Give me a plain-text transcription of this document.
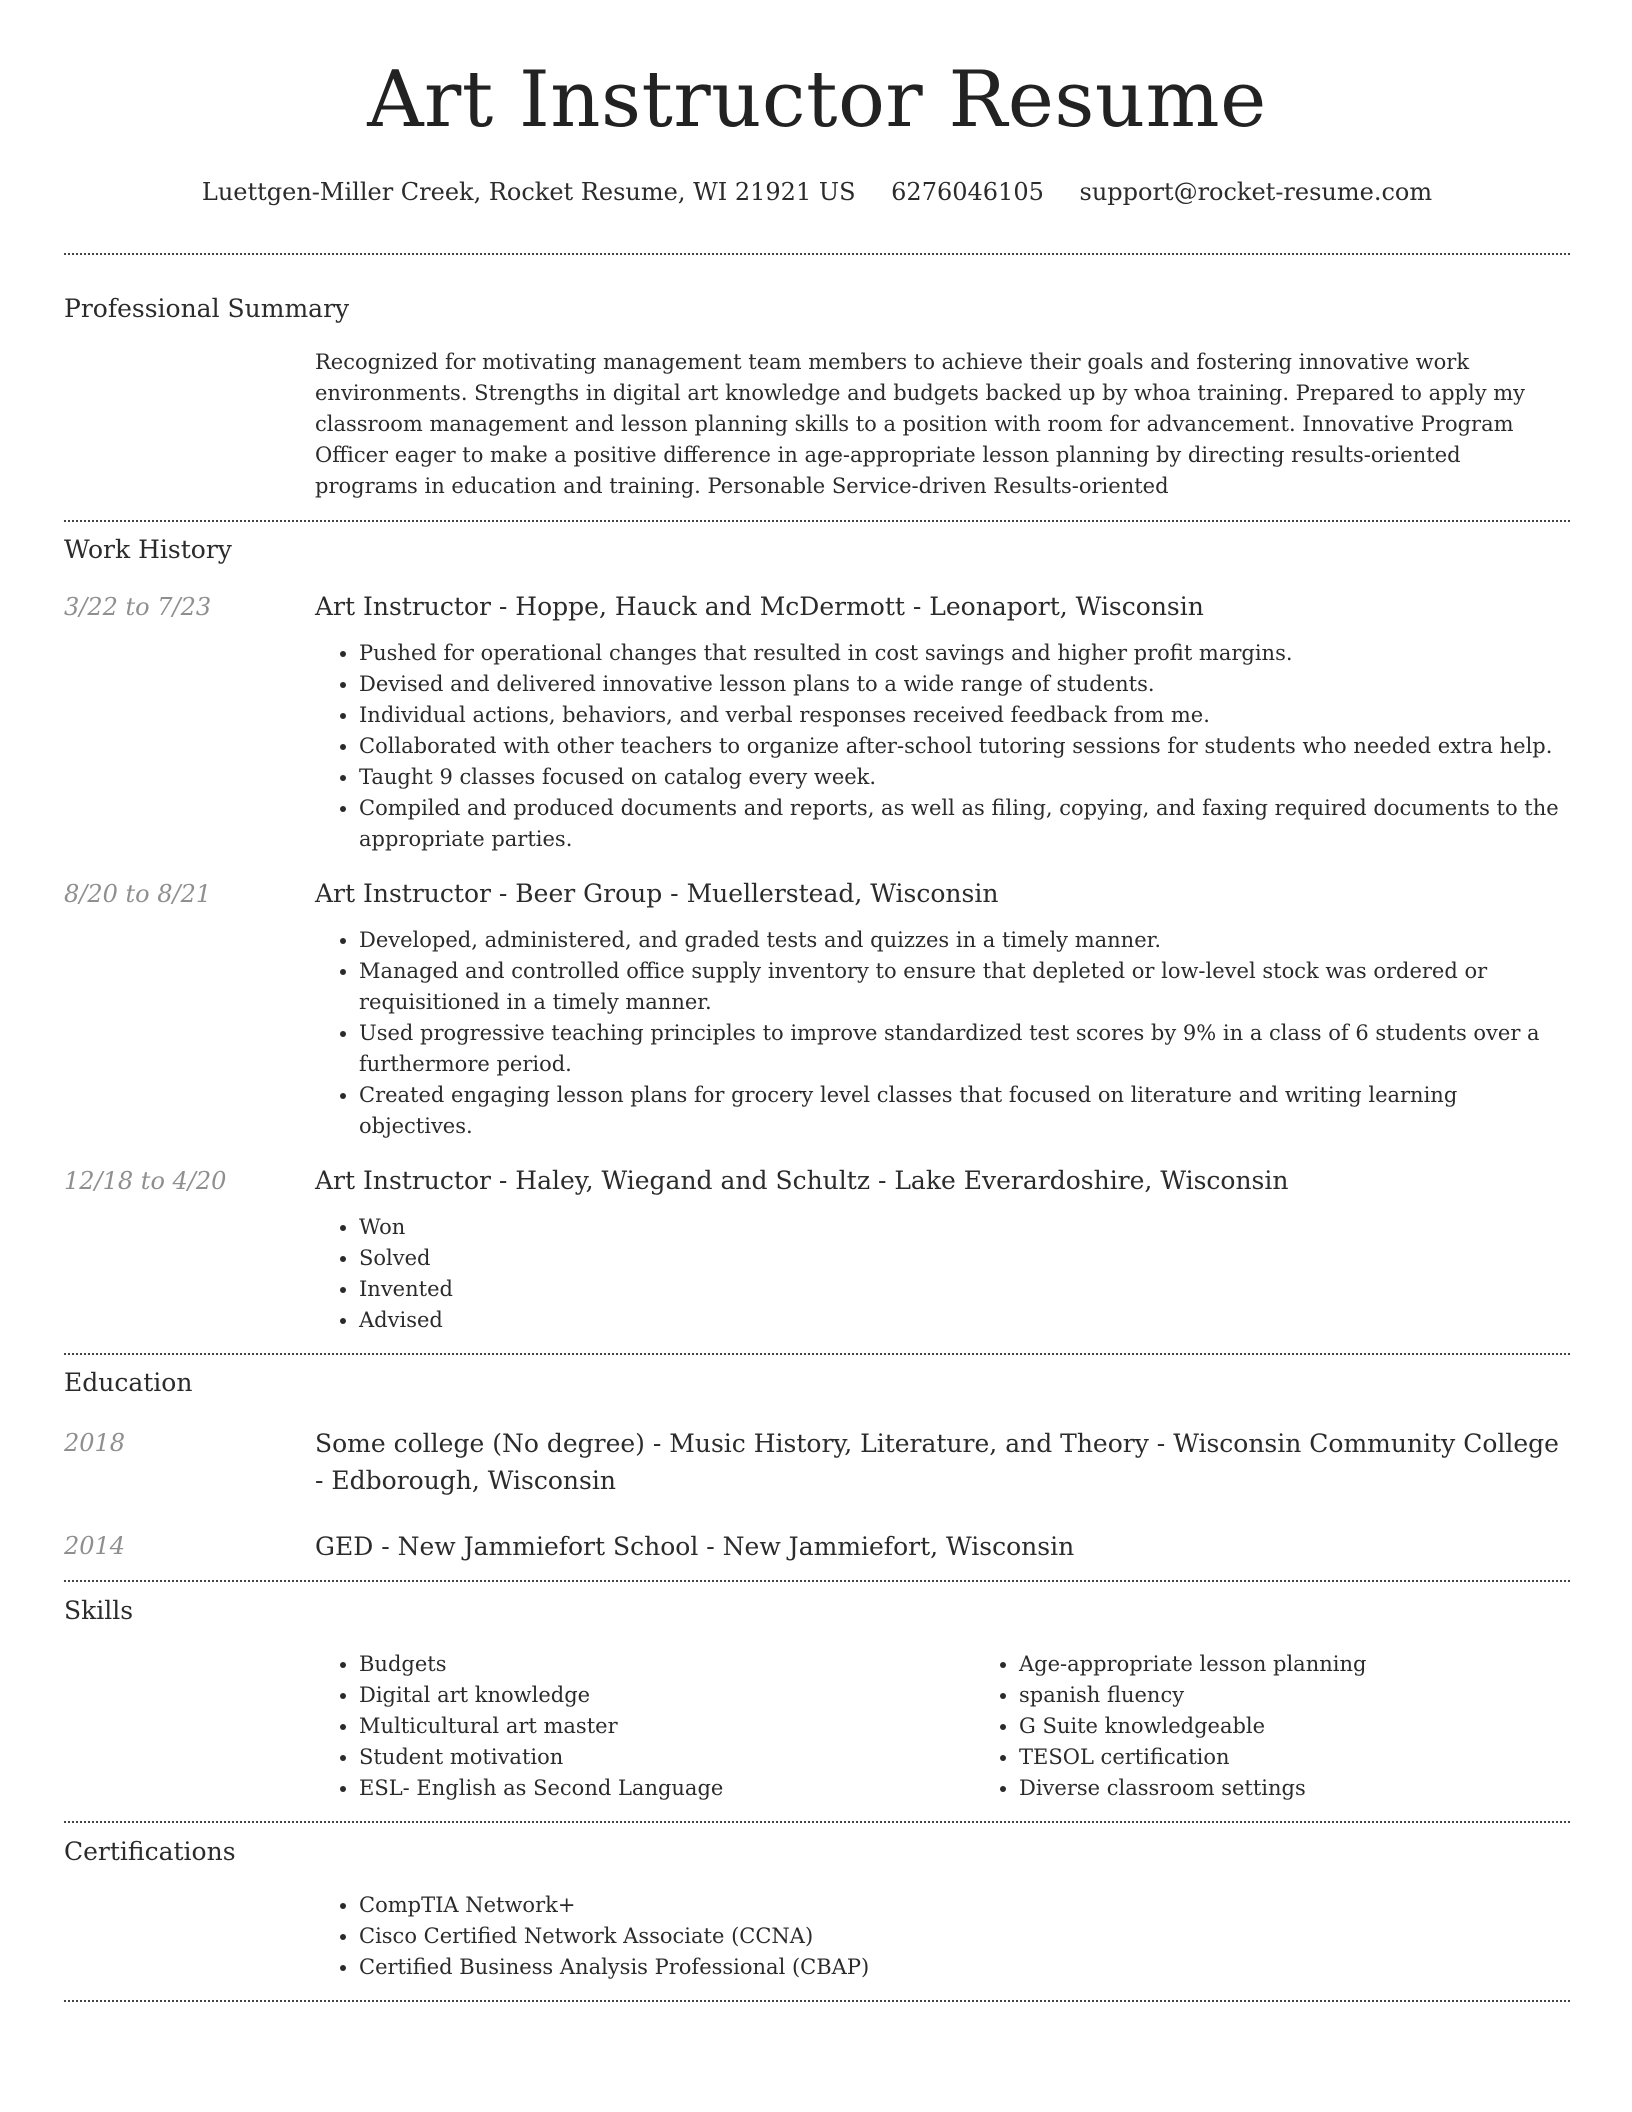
Art Instructor Resume
Luettgen-Miller Creek, Rocket Resume, WI 21921 US 6276046105 support@rocket-resume.com
Professional Summary

Recognized for motivating management team members to achieve their goals and fostering innovative work environments. Strengths in digital art knowledge and budgets backed up by whoa training. Prepared to apply my classroom management and lesson planning skills to a position with room for advancement. Innovative Program Officer eager to make a positive difference in age-appropriate lesson planning by directing results-oriented programs in education and training. Personable Service-driven Results-oriented

Work History
3/22 to 7/23	Art Instructor - Hoppe, Hauck and McDermott - Leonaport, Wisconsin

• Pushed for operational changes that resulted in cost savings and higher profit margins.
• Devised and delivered innovative lesson plans to a wide range of students.
• Individual actions, behaviors, and verbal responses received feedback from me.
• Collaborated with other teachers to organize after-school tutoring sessions for students who needed extra help.
• Taught 9 classes focused on catalog every week.
• Compiled and produced documents and reports, as well as filing, copying, and faxing required documents to the appropriate parties.
8/20 to 8/21	Art Instructor - Beer Group - Muellerstead, Wisconsin

• Developed, administered, and graded tests and quizzes in a timely manner.
• Managed and controlled office supply inventory to ensure that depleted or low-level stock was ordered or requisitioned in a timely manner.
• Used progressive teaching principles to improve standardized test scores by 9% in a class of 6 students over a furthermore period.
• Created engaging lesson plans for grocery level classes that focused on literature and writing learning objectives.
12/18 to 4/20	Art Instructor - Haley, Wiegand and Schultz - Lake Everardoshire, Wisconsin

• Won
• Solved
• Invented
• Advised
Education
2018	Some college (No degree) - Music History, Literature, and Theory - Wisconsin Community College - Edborough, Wisconsin

2014	GED - New Jammiefort School - New Jammiefort, Wisconsin

Skills
• Budgets
• Digital art knowledge
• Multicultural art master
• Student motivation
• ESL- English as Second Language
• Age-appropriate lesson planning
• spanish fluency
• G Suite knowledgeable
• TESOL certification
• Diverse classroom settings
Certifications
• CompTIA Network+
• Cisco Certified Network Associate (CCNA)
• Certified Business Analysis Professional (CBAP)
